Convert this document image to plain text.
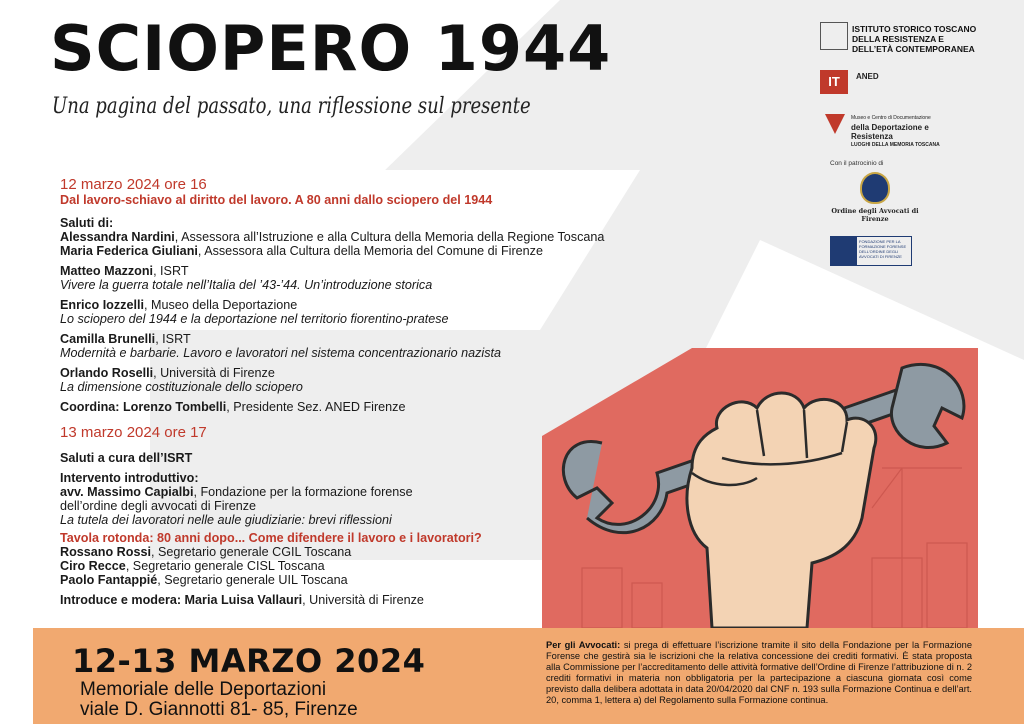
SCIOPERO 1944
Una pagina del passato, una riflessione sul presente
12 marzo 2024 ore 16
Dal lavoro-schiavo al diritto del lavoro. A 80 anni dallo sciopero del 1944
Saluti di:
Alessandra Nardini, Assessora all’Istruzione e alla Cultura della Memoria della Regione Toscana
Maria Federica Giuliani, Assessora alla Cultura della Memoria del Comune di Firenze
Matteo Mazzoni, ISRT
Vivere la guerra totale nell’Italia del ’43-’44. Un’introduzione storica
Enrico Iozzelli, Museo della Deportazione
Lo sciopero del 1944 e la deportazione nel territorio fiorentino-pratese
Camilla Brunelli, ISRT
Modernità e barbarie. Lavoro e lavoratori nel sistema concentrazionario nazista
Orlando Roselli, Università di Firenze
La dimensione costituzionale dello sciopero
Coordina: Lorenzo Tombelli, Presidente Sez. ANED Firenze
13 marzo 2024 ore 17
Saluti a cura dell’ISRT
Intervento introduttivo:
avv. Massimo Capialbi, Fondazione per la formazione forense
dell’ordine degli avvocati di Firenze
La tutela dei lavoratori nelle aule giudiziarie: brevi riflessioni
Tavola rotonda: 80 anni dopo... Come difendere il lavoro e i lavoratori?
Rossano Rossi, Segretario generale CGIL Toscana
Ciro Recce, Segretario generale CISL Toscana
Paolo Fantappié, Segretario generale UIL Toscana
Introduce e modera: Maria Luisa Vallauri, Università di Firenze
ISTITUTO STORICO TOSCANO
DELLA RESISTENZA E
DELL’ETÀ CONTEMPORANEA
IT	ANED
Museo e Centro di Documentazione
della Deportazione e Resistenza
LUOGHI DELLA MEMORIA TOSCANA
Con il patrocinio di
Ordine degli Avvocati di Firenze
FONDAZIONE PER LA FORMAZIONE FORENSE DELL’ORDINE DEGLI AVVOCATI DI FIRENZE
12-13 MARZO 2024
Memoriale delle Deportazioni
viale D. Giannotti 81- 85, Firenze
Per gli Avvocati: si prega di effettuare l’iscrizione tramite il sito della Fondazione per la Formazione Forense che gestirà sia le iscrizioni che la relativa concessione dei crediti formativi. È stata proposta alla Commissione per l’accreditamento delle attività formative dell’Ordine di Firenze l’attribuzione di n. 2 crediti formativi in materia non obbligatoria per la partecipazione a ciascuna giornata così come previsto dalla delibera adottata in data 20/04/2020 dal CNF n. 193 sulla Formazione Continua e dell’art. 20, comma 1, lettera a) del Regolamento sulla Formazione continua.
